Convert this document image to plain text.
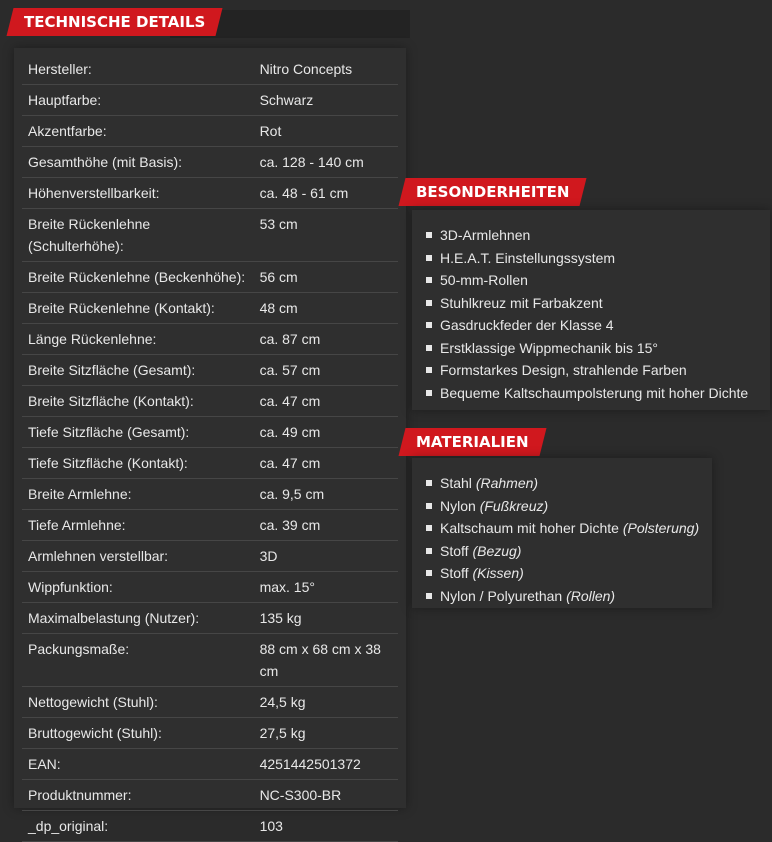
TECHNISCHE DETAILS
Hersteller:	Nitro Concepts
Hauptfarbe:	Schwarz
Akzentfarbe:	Rot
Gesamthöhe (mit Basis):	ca. 128 - 140 cm
Höhenverstellbarkeit:	ca. 48 - 61 cm
Breite Rückenlehne (Schulterhöhe):	53 cm
Breite Rückenlehne (Beckenhöhe):	56 cm
Breite Rückenlehne (Kontakt):	48 cm
Länge Rückenlehne:	ca. 87 cm
Breite Sitzfläche (Gesamt):	ca. 57 cm
Breite Sitzfläche (Kontakt):	ca. 47 cm
Tiefe Sitzfläche (Gesamt):	ca. 49 cm
Tiefe Sitzfläche (Kontakt):	ca. 47 cm
Breite Armlehne:	ca. 9,5 cm
Tiefe Armlehne:	ca. 39 cm
Armlehnen verstellbar:	3D
Wippfunktion:	max. 15°
Maximalbelastung (Nutzer):	135 kg
Packungsmaße:	88 cm x 68 cm x 38 cm
Nettogewicht (Stuhl):	24,5 kg
Bruttogewicht (Stuhl):	27,5 kg
EAN:	4251442501372
Produktnummer:	NC-S300-BR
_dp_original:	103
BESONDERHEITEN
3D-Armlehnen
H.E.A.T. Einstellungssystem
50-mm-Rollen
Stuhlkreuz mit Farbakzent
Gasdruckfeder der Klasse 4
Erstklassige Wippmechanik bis 15°
Formstarkes Design, strahlende Farben
Bequeme Kaltschaumpolsterung mit hoher Dichte
MATERIALIEN
Stahl (Rahmen)
Nylon (Fußkreuz)
Kaltschaum mit hoher Dichte (Polsterung)
Stoff (Bezug)
Stoff (Kissen)
Nylon / Polyurethan (Rollen)
